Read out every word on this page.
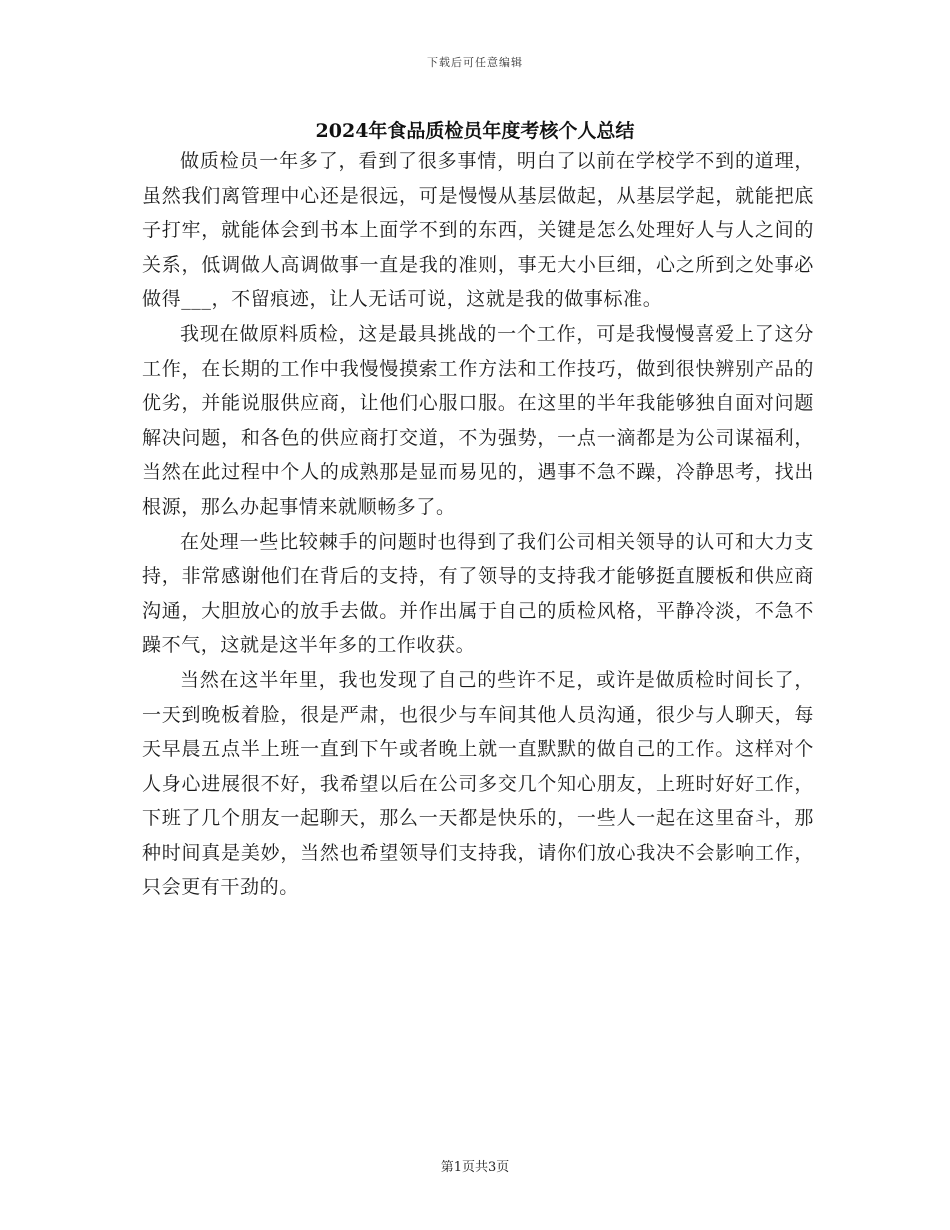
下载后可任意编辑
2024年食品质检员年度考核个人总结

做质检员一年多了，看到了很多事情，明白了以前在学校学不到的道理，虽然我们离管理中心还是很远，可是慢慢从基层做起，从基层学起，就能把底子打牢，就能体会到书本上面学不到的东西，关键是怎么处理好人与人之间的关系，低调做人高调做事一直是我的准则，事无大小巨细，心之所到之处事必做得___，不留痕迹，让人无话可说，这就是我的做事标准。

我现在做原料质检，这是最具挑战的一个工作，可是我慢慢喜爱上了这分工作，在长期的工作中我慢慢摸索工作方法和工作技巧，做到很快辨别产品的优劣，并能说服供应商，让他们心服口服。在这里的半年我能够独自面对问题解决问题，和各色的供应商打交道，不为强势，一点一滴都是为公司谋福利，当然在此过程中个人的成熟那是显而易见的，遇事不急不躁，冷静思考，找出根源，那么办起事情来就顺畅多了。

在处理一些比较棘手的问题时也得到了我们公司相关领导的认可和大力支持，非常感谢他们在背后的支持，有了领导的支持我才能够挺直腰板和供应商沟通，大胆放心的放手去做。并作出属于自己的质检风格，平静冷淡，不急不躁不气，这就是这半年多的工作收获。

当然在这半年里，我也发现了自己的些许不足，或许是做质检时间长了，一天到晚板着脸，很是严肃，也很少与车间其他人员沟通，很少与人聊天，每天早晨五点半上班一直到下午或者晚上就一直默默的做自己的工作。这样对个人身心进展很不好，我希望以后在公司多交几个知心朋友，上班时好好工作，下班了几个朋友一起聊天，那么一天都是快乐的，一些人一起在这里奋斗，那种时间真是美妙，当然也希望领导们支持我，请你们放心我决不会影响工作，只会更有干劲的。

第1页共3页
